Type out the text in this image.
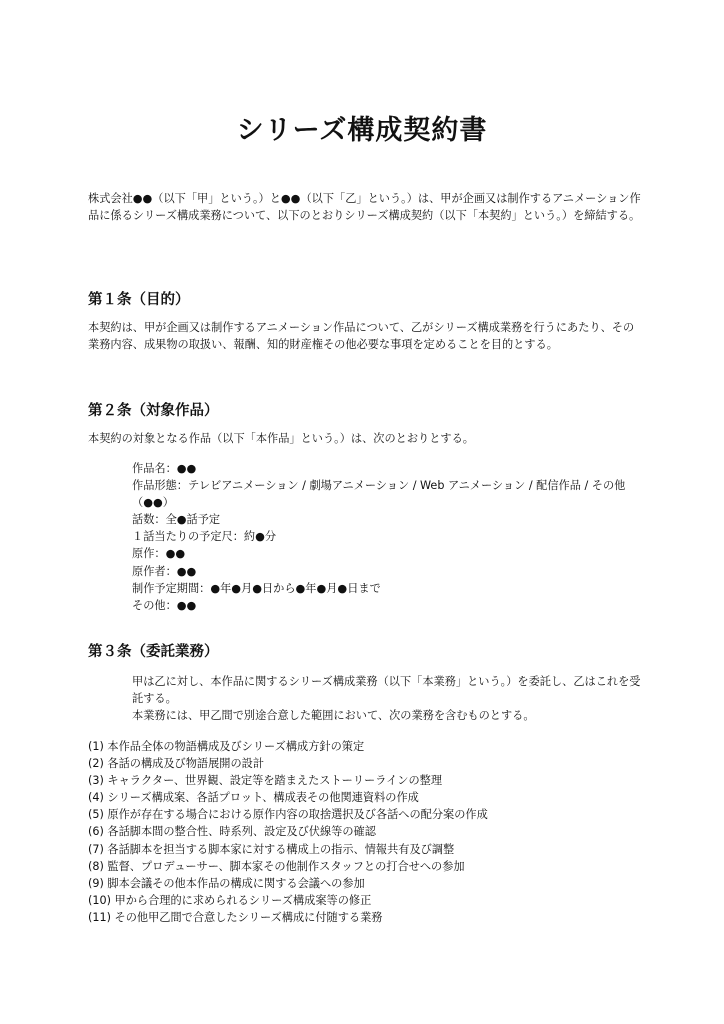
シリーズ構成契約書

株式会社●●（以下「甲」という。）と●●（以下「乙」という。）は、甲が企画又は制作するアニメーション作品に係るシリーズ構成業務について、以下のとおりシリーズ構成契約（以下「本契約」という。）を締結する。

第１条（目的）

本契約は、甲が企画又は制作するアニメーション作品について、乙がシリーズ構成業務を行うにあたり、その業務内容、成果物の取扱い、報酬、知的財産権その他必要な事項を定めることを目的とする。

第２条（対象作品）

本契約の対象となる作品（以下「本作品」という。）は、次のとおりとする。

作品名：●●
作品形態：テレビアニメーション / 劇場アニメーション / Web アニメーション / 配信作品 / その他（●●）
話数：全●話予定
１話当たりの予定尺：約●分
原作：●●
原作者：●●
制作予定期間：●年●月●日から●年●月●日まで
その他：●●
第３条（委託業務）

甲は乙に対し、本作品に関するシリーズ構成業務（以下「本業務」という。）を委託し、乙はこれを受託する。

本業務には、甲乙間で別途合意した範囲において、次の業務を含むものとする。

(1) 本作品全体の物語構成及びシリーズ構成方針の策定
(2) 各話の構成及び物語展開の設計
(3) キャラクター、世界観、設定等を踏まえたストーリーラインの整理
(4) シリーズ構成案、各話プロット、構成表その他関連資料の作成
(5) 原作が存在する場合における原作内容の取捨選択及び各話への配分案の作成
(6) 各話脚本間の整合性、時系列、設定及び伏線等の確認
(7) 各話脚本を担当する脚本家に対する構成上の指示、情報共有及び調整
(8) 監督、プロデューサー、脚本家その他制作スタッフとの打合せへの参加
(9) 脚本会議その他本作品の構成に関する会議への参加
(10) 甲から合理的に求められるシリーズ構成案等の修正
(11) その他甲乙間で合意したシリーズ構成に付随する業務
